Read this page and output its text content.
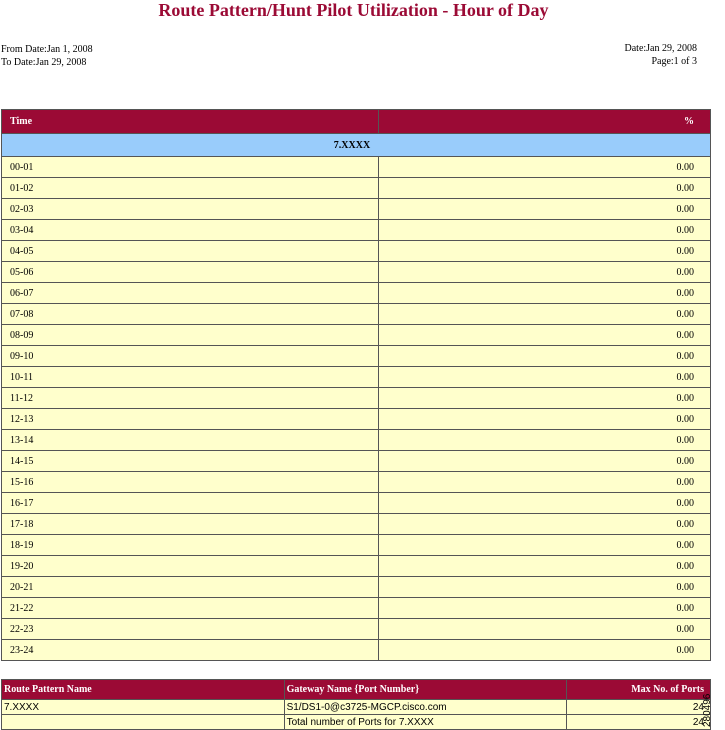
Route Pattern/Hunt Pilot Utilization - Hour of Day
From Date:Jan 1, 2008
To Date:Jan 29, 2008
Date:Jan 29, 2008
Page:1 of 3
Time	%
7.XXXX	
00-01	0.00
01-02	0.00
02-03	0.00
03-04	0.00
04-05	0.00
05-06	0.00
06-07	0.00
07-08	0.00
08-09	0.00
09-10	0.00
10-11	0.00
11-12	0.00
12-13	0.00
13-14	0.00
14-15	0.00
15-16	0.00
16-17	0.00
17-18	0.00
18-19	0.00
19-20	0.00
20-21	0.00
21-22	0.00
22-23	0.00
23-24	0.00
Route Pattern Name	Gateway Name {Port Number}	Max No. of Ports
7.XXXX	S1/DS1-0@c3725-MGCP.cisco.com	24
	Total number of Ports for 7.XXXX	24
280496
